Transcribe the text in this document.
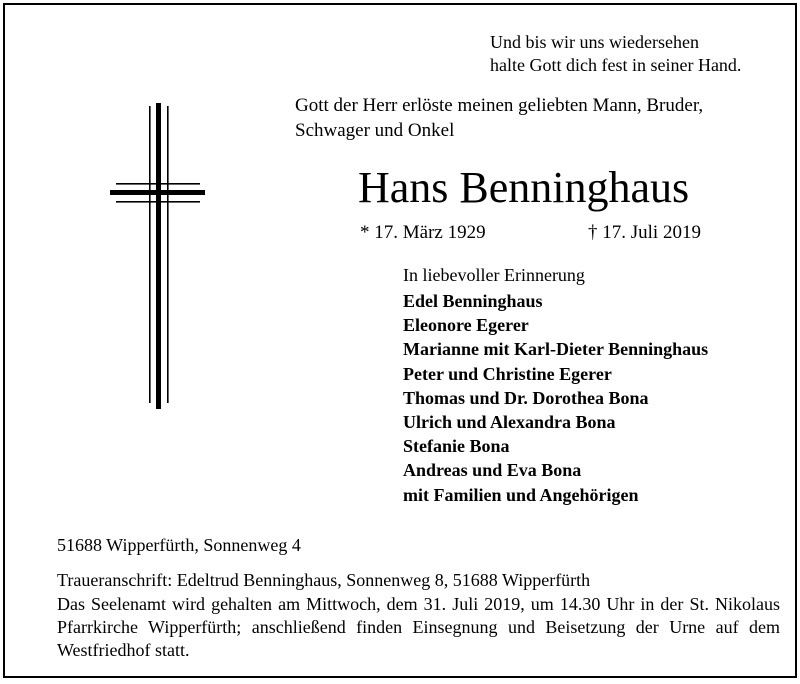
Und bis wir uns wiedersehen
halte Gott dich fest in seiner Hand.
Gott der Herr erlöste meinen geliebten Mann, Bruder,
Schwager und Onkel
Hans Benninghaus
* 17. März 1929	† 17. Juli 2019
In liebevoller Erinnerung
Edel Benninghaus
Eleonore Egerer
Marianne mit Karl-Dieter Benninghaus
Peter und Christine Egerer
Thomas und Dr. Dorothea Bona
Ulrich und Alexandra Bona
Stefanie Bona
Andreas und Eva Bona
mit Familien und Angehörigen
51688 Wipperfürth, Sonnenweg 4
Traueranschrift: Edeltrud Benninghaus, Sonnenweg 8, 51688 Wipperfürth
Das Seelenamt wird gehalten am Mittwoch, dem 31. Juli 2019, um 14.30 Uhr in der St. Nikolaus Pfarrkirche Wipperfürth; anschließend finden Einsegnung und Beisetzung der Urne auf dem Westfriedhof statt.
